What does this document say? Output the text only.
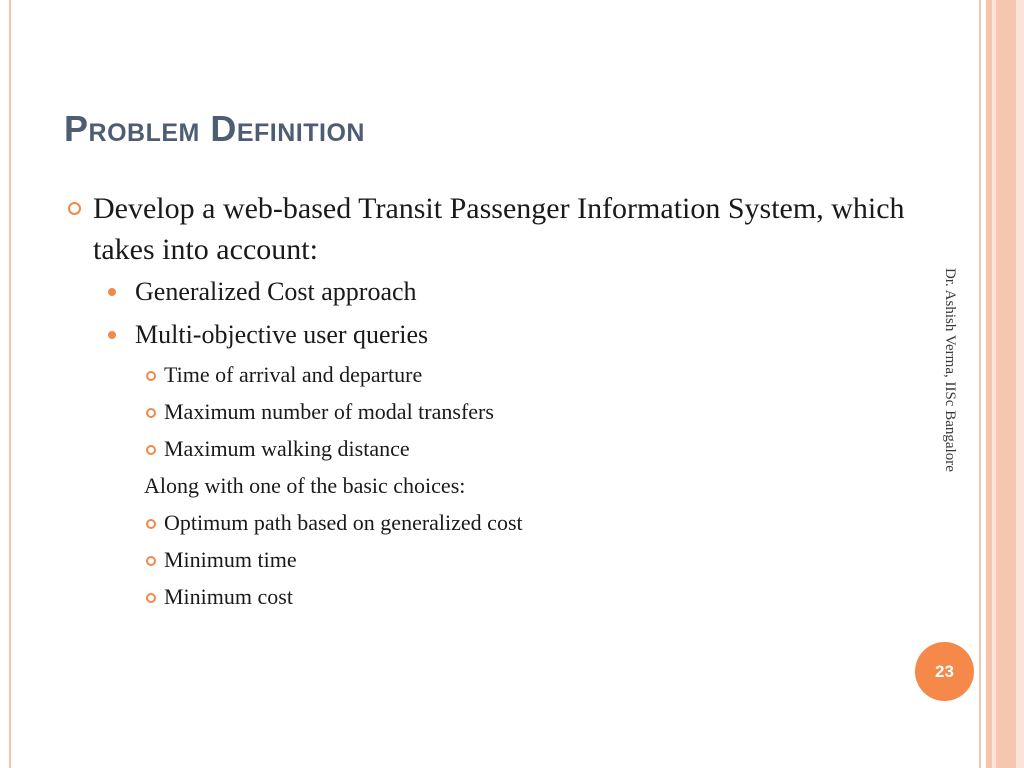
Problem Definition
Develop a web-based Transit Passenger Information System, which takes into account:
Generalized Cost approach
Multi-objective user queries
Time of arrival and departure
Maximum number of modal transfers
Maximum walking distance
Along with one of the basic choices:
Optimum path based on generalized cost
Minimum time
Minimum cost
Dr. Ashish Verma, IISc Bangalore
23
